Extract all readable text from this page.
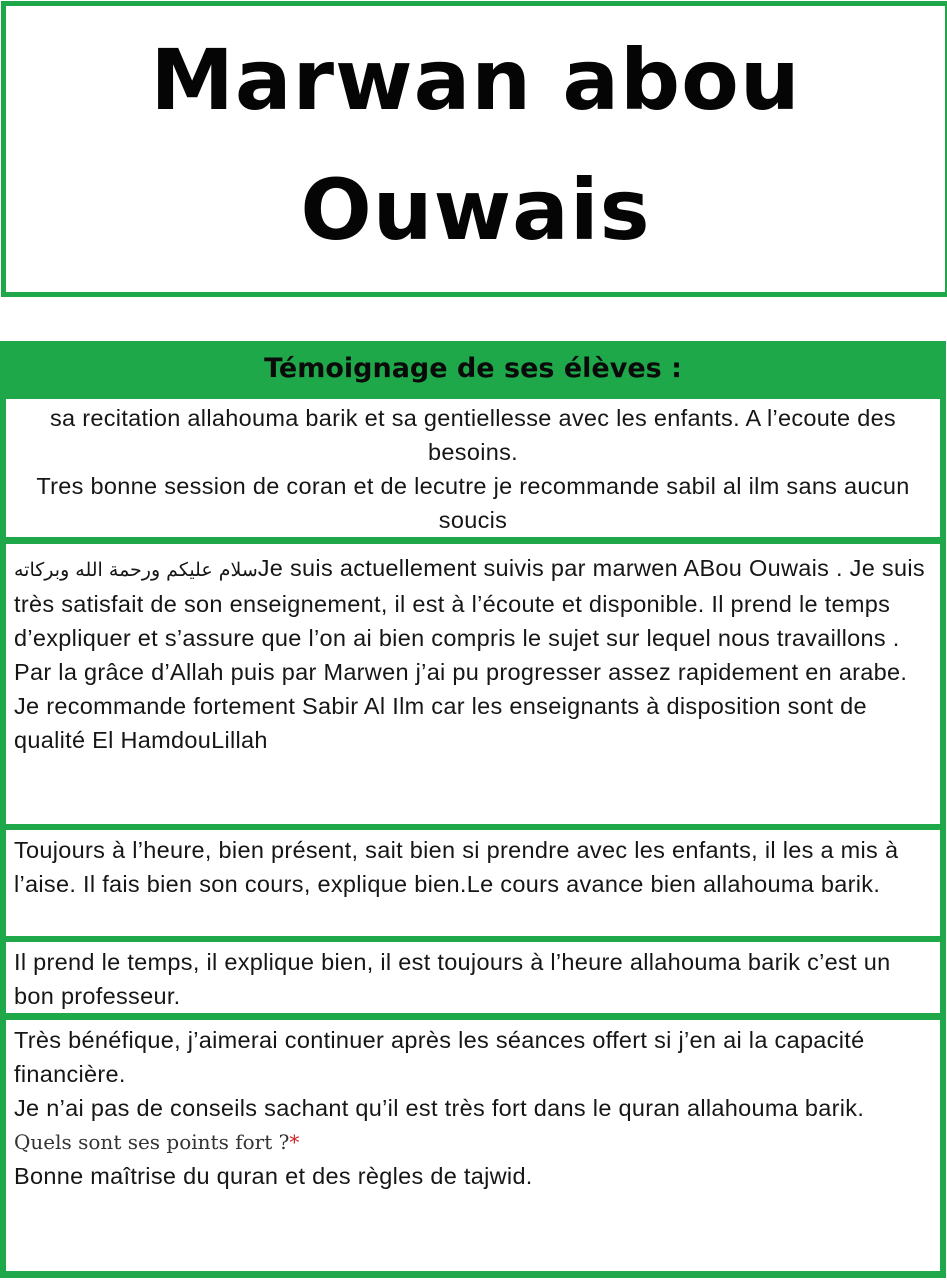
Marwan abou
Ouwais
Témoignage de ses élèves :

sa recitation allahouma barik et sa gentiellesse avec les enfants. A l’ecoute des besoins.

Tres bonne session de coran et de lecutre je recommande sabil al ilm sans aucun soucis

سلام عليكم ورحمة الله وبركاتهJe suis actuellement suivis par marwen ABou Ouwais . Je suis très satisfait de son enseignement, il est à l’écoute et disponible. Il prend le temps d’expliquer et s’assure que l’on ai bien compris le sujet sur lequel nous travaillons . Par la grâce d’Allah puis par Marwen j’ai pu progresser assez rapidement en arabe. Je recommande fortement Sabir Al Ilm car les enseignants à disposition sont de qualité El HamdouLillah

Toujours à l’heure, bien présent, sait bien si prendre avec les enfants, il les a mis à l’aise. Il fais bien son cours, explique bien.Le cours avance bien allahouma barik.

Il prend le temps, il explique bien, il est toujours à l’heure allahouma barik c’est un bon professeur.

Très bénéfique, j’aimerai continuer après les séances offert si j’en ai la capacité financière.

Je n’ai pas de conseils sachant qu’il est très fort dans le quran allahouma barik.

Quels sont ses points fort ?*

Bonne maîtrise du quran et des règles de tajwid.
